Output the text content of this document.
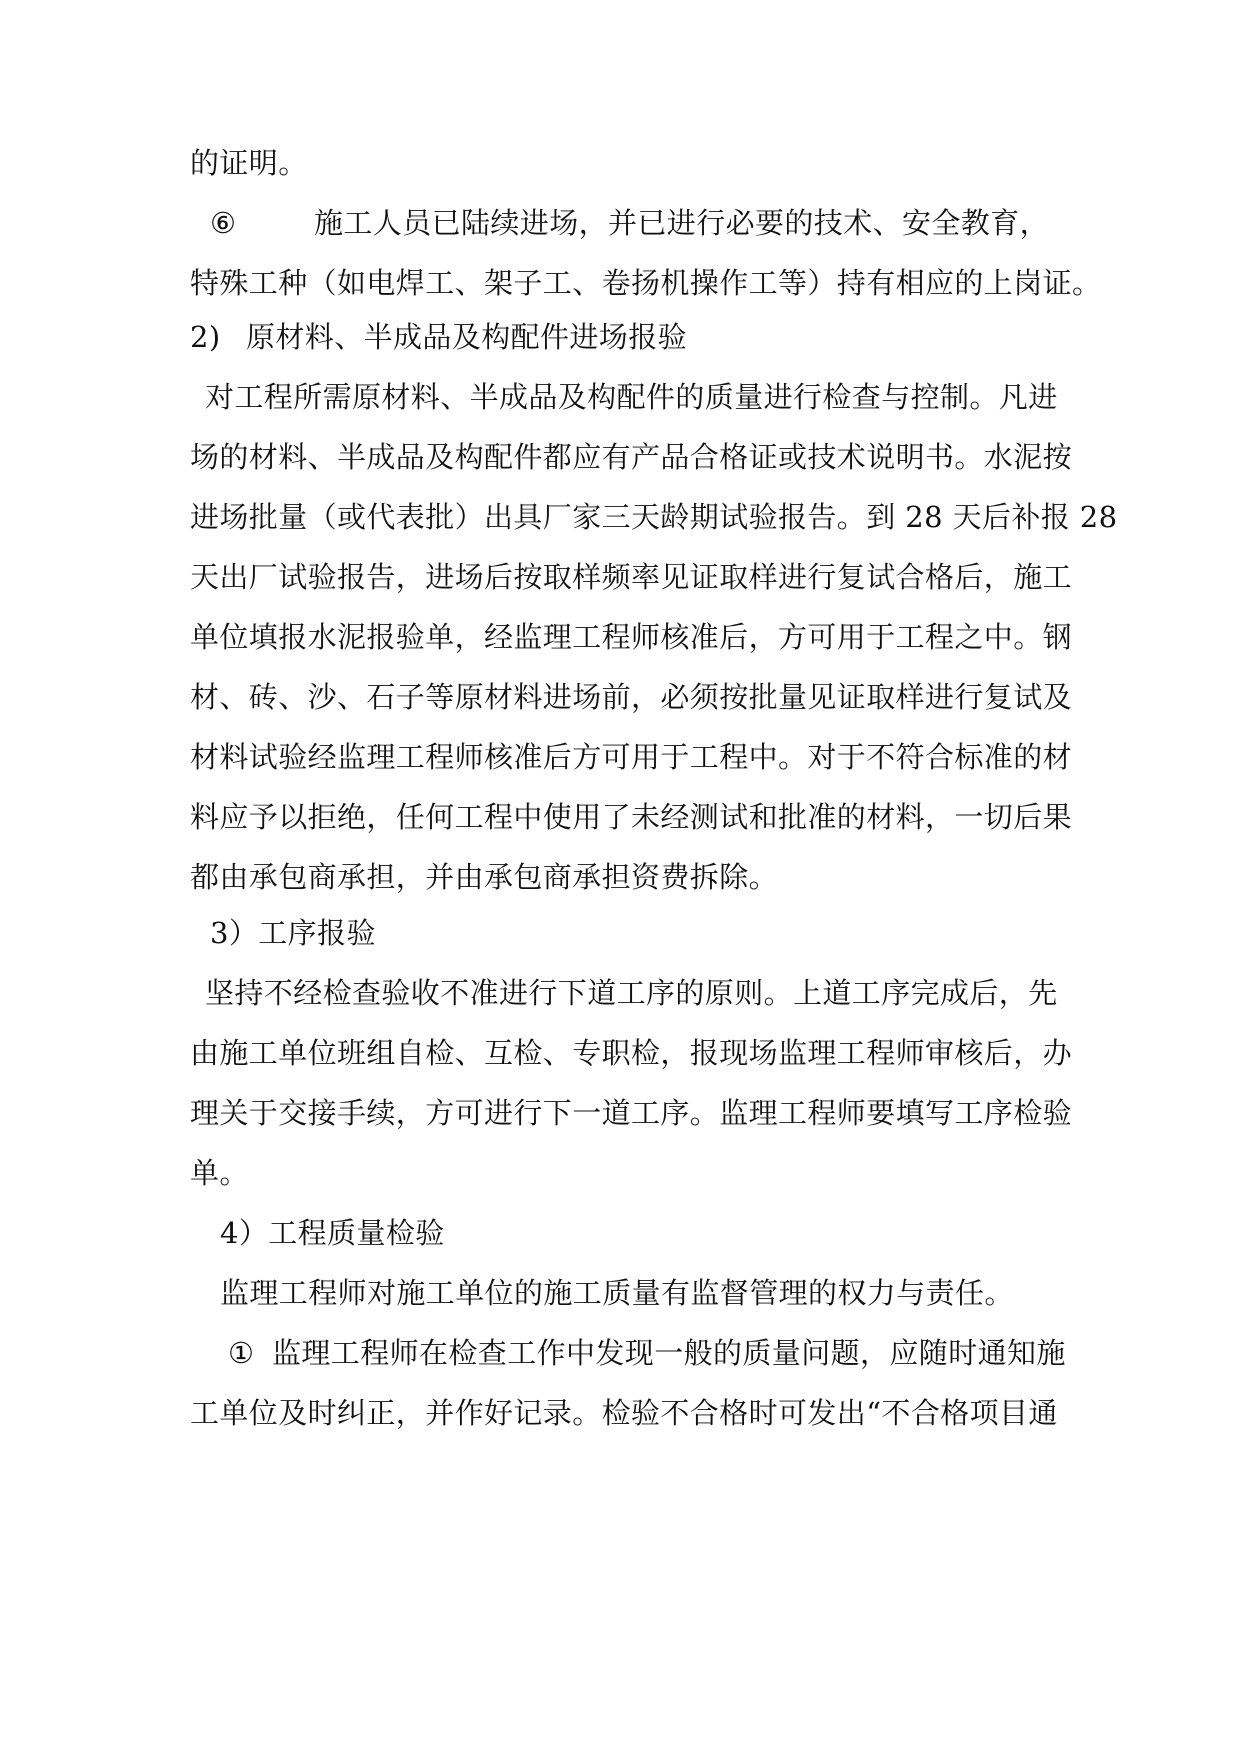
的证明。
⑥	施工人员已陆续进场，并已进行必要的技术、安全教育，
特殊工种（如电焊工、架子工、卷扬机操作工等）持有相应的上岗证。
2) 原材料、半成品及构配件进场报验
对工程所需原材料、半成品及构配件的质量进行检查与控制。凡进
场的材料、半成品及构配件都应有产品合格证或技术说明书。水泥按
进场批量（或代表批）出具厂家三天龄期试验报告。到 28 天后补报 28
天出厂试验报告，进场后按取样频率见证取样进行复试合格后，施工
单位填报水泥报验单，经监理工程师核准后，方可用于工程之中。钢
材、砖、沙、石子等原材料进场前，必须按批量见证取样进行复试及
材料试验经监理工程师核准后方可用于工程中。对于不符合标准的材
料应予以拒绝，任何工程中使用了未经测试和批准的材料，一切后果
都由承包商承担，并由承包商承担资费拆除。
3）工序报验
坚持不经检查验收不准进行下道工序的原则。上道工序完成后，先
由施工单位班组自检、互检、专职检，报现场监理工程师审核后，办
理关于交接手续，方可进行下一道工序。监理工程师要填写工序检验
单。
4）工程质量检验
监理工程师对施工单位的施工质量有监督管理的权力与责任。
① 监理工程师在检查工作中发现一般的质量问题，应随时通知施
工单位及时纠正，并作好记录。检验不合格时可发出“不合格项目通
